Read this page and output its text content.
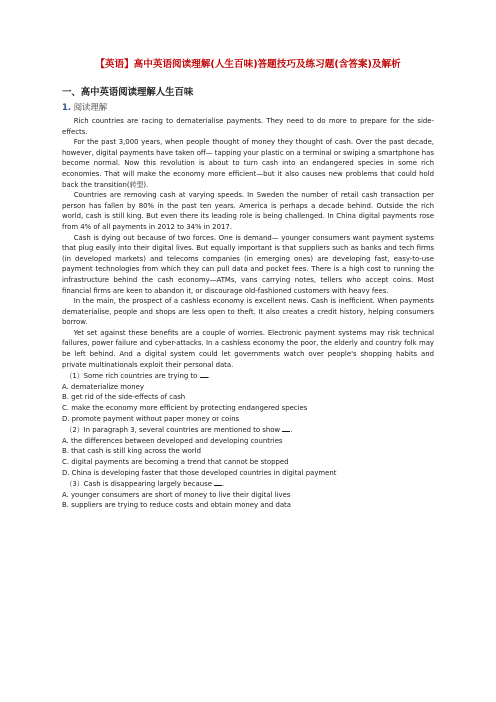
【英语】高中英语阅读理解(人生百味)答题技巧及练习题(含答案)及解析
一、高中英语阅读理解人生百味
1. 阅读理解

Rich countries are racing to dematerialise payments. They need to do more to prepare for the side-effects.

For the past 3,000 years, when people thought of money they thought of cash. Over the past decade, however, digital payments have taken off— tapping your plastic on a terminal or swiping a smartphone has become normal. Now this revolution is about to turn cash into an endangered species in some rich economies. That will make the economy more efficient—but it also causes new problems that could hold back the transition(转型).

Countries are removing cash at varying speeds. In Sweden the number of retail cash transaction per person has fallen by 80% in the past ten years. America is perhaps a decade behind. Outside the rich world, cash is still king. But even there its leading role is being challenged. In China digital payments rose from 4% of all payments in 2012 to 34% in 2017.

Cash is dying out because of two forces. One is demand— younger consumers want payment systems that plug easily into their digital lives. But equally important is that suppliers such as banks and tech firms (in developed markets) and telecoms companies (in emerging ones) are developing fast, easy-to-use payment technologies from which they can pull data and pocket fees. There is a high cost to running the infrastructure behind the cash economy—ATMs, vans carrying notes, tellers who accept coins. Most financial firms are keen to abandon it, or discourage old-fashioned customers with heavy fees.

In the main, the prospect of a cashless economy is excellent news. Cash is inefficient. When payments dematerialise, people and shops are less open to theft. It also creates a credit history, helping consumers borrow.

Yet set against these benefits are a couple of worries. Electronic payment systems may risk technical failures, power failure and cyber-attacks. In a cashless economy the poor, the elderly and country folk may be left behind. And a digital system could let governments watch over people's shopping habits and private multinationals exploit their personal data.

（1）Some rich countries are trying to .

A. dematerialize money

B. get rid of the side-effects of cash

C. make the economy more efficient by protecting endangered species

D. promote payment without paper money or coins

（2）In paragraph 3, several countries are mentioned to show .

A. the differences between developed and developing countries

B. that cash is still king across the world

C. digital payments are becoming a trend that cannot be stopped

D. China is developing faster that those developed countries in digital payment

（3）Cash is disappearing largely because .

A. younger consumers are short of money to live their digital lives

B. suppliers are trying to reduce costs and obtain money and data
